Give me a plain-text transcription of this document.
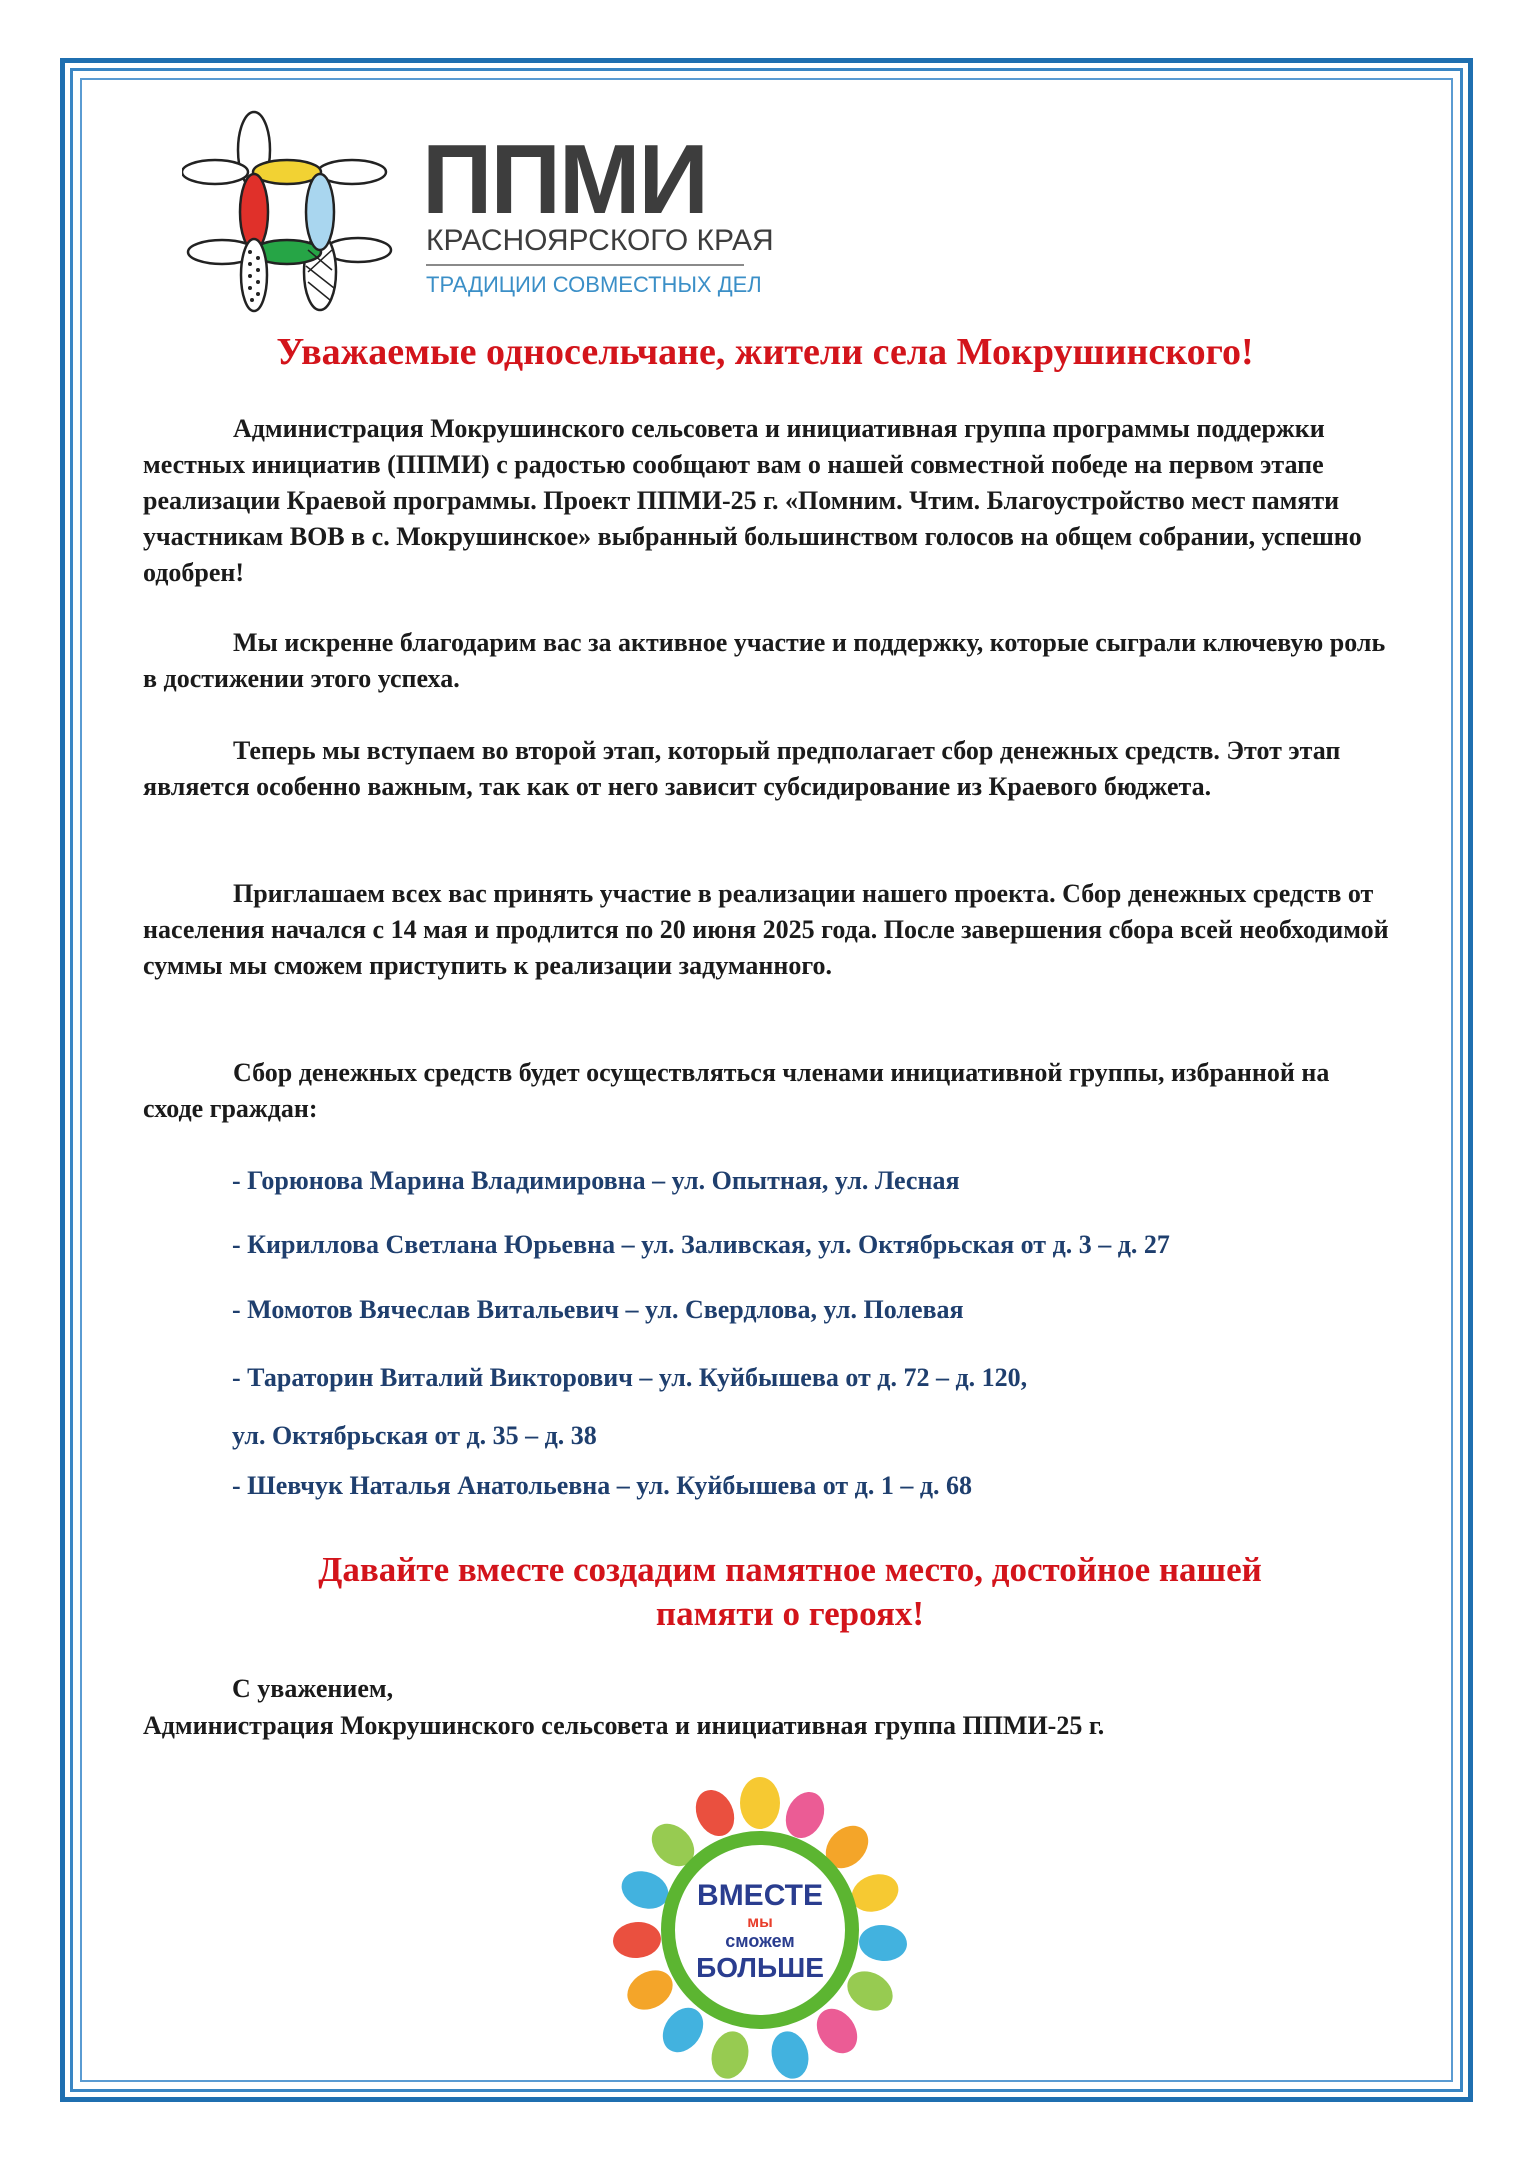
ППМИ
КРАСНОЯРСКОГО КРАЯ
ТРАДИЦИИ СОВМЕСТНЫХ ДЕЛ
Уважаемые односельчане, жители села Мокрушинского!

Администрация Мокрушинского сельсовета и инициативная группа программы поддержки местных инициатив (ППМИ) с радостью сообщают вам о нашей совместной победе на первом этапе реализации Краевой программы. Проект ППМИ-25 г. «Помним. Чтим. Благоустройство мест памяти участникам ВОВ в с. Мокрушинское» выбранный большинством голосов на общем собрании, успешно одобрен!

Мы искренне благодарим вас за активное участие и поддержку, которые сыграли ключевую роль в достижении этого успеха.

Теперь мы вступаем во второй этап, который предполагает сбор денежных средств. Этот этап является особенно важным, так как от него зависит субсидирование из Краевого бюджета.

Приглашаем всех вас принять участие в реализации нашего проекта. Сбор денежных средств от населения начался с 14 мая и продлится по 20 июня 2025 года. После завершения сбора всей необходимой суммы мы сможем приступить к реализации задуманного.

Сбор денежных средств будет осуществляться членами инициативной группы, избранной на сходе граждан:

- Горюнова Марина Владимировна – ул. Опытная, ул. Лесная

- Кириллова Светлана Юрьевна – ул. Заливская, ул. Октябрьская от д. 3 – д. 27

- Момотов Вячеслав Витальевич – ул. Свердлова, ул. Полевая

- Тараторин Виталий Викторович – ул. Куйбышева от д. 72 – д. 120,

ул. Октябрьская от д. 35 – д. 38

- Шевчук Наталья Анатольевна – ул. Куйбышева от д. 1 – д. 68

Давайте вместе создадим памятное место, достойное нашей
памяти о героях!

С уважением,

Администрация Мокрушинского сельсовета и инициативная группа ППМИ-25 г.

ВМЕСТЕ
мы
сможем
БОЛЬШЕ
